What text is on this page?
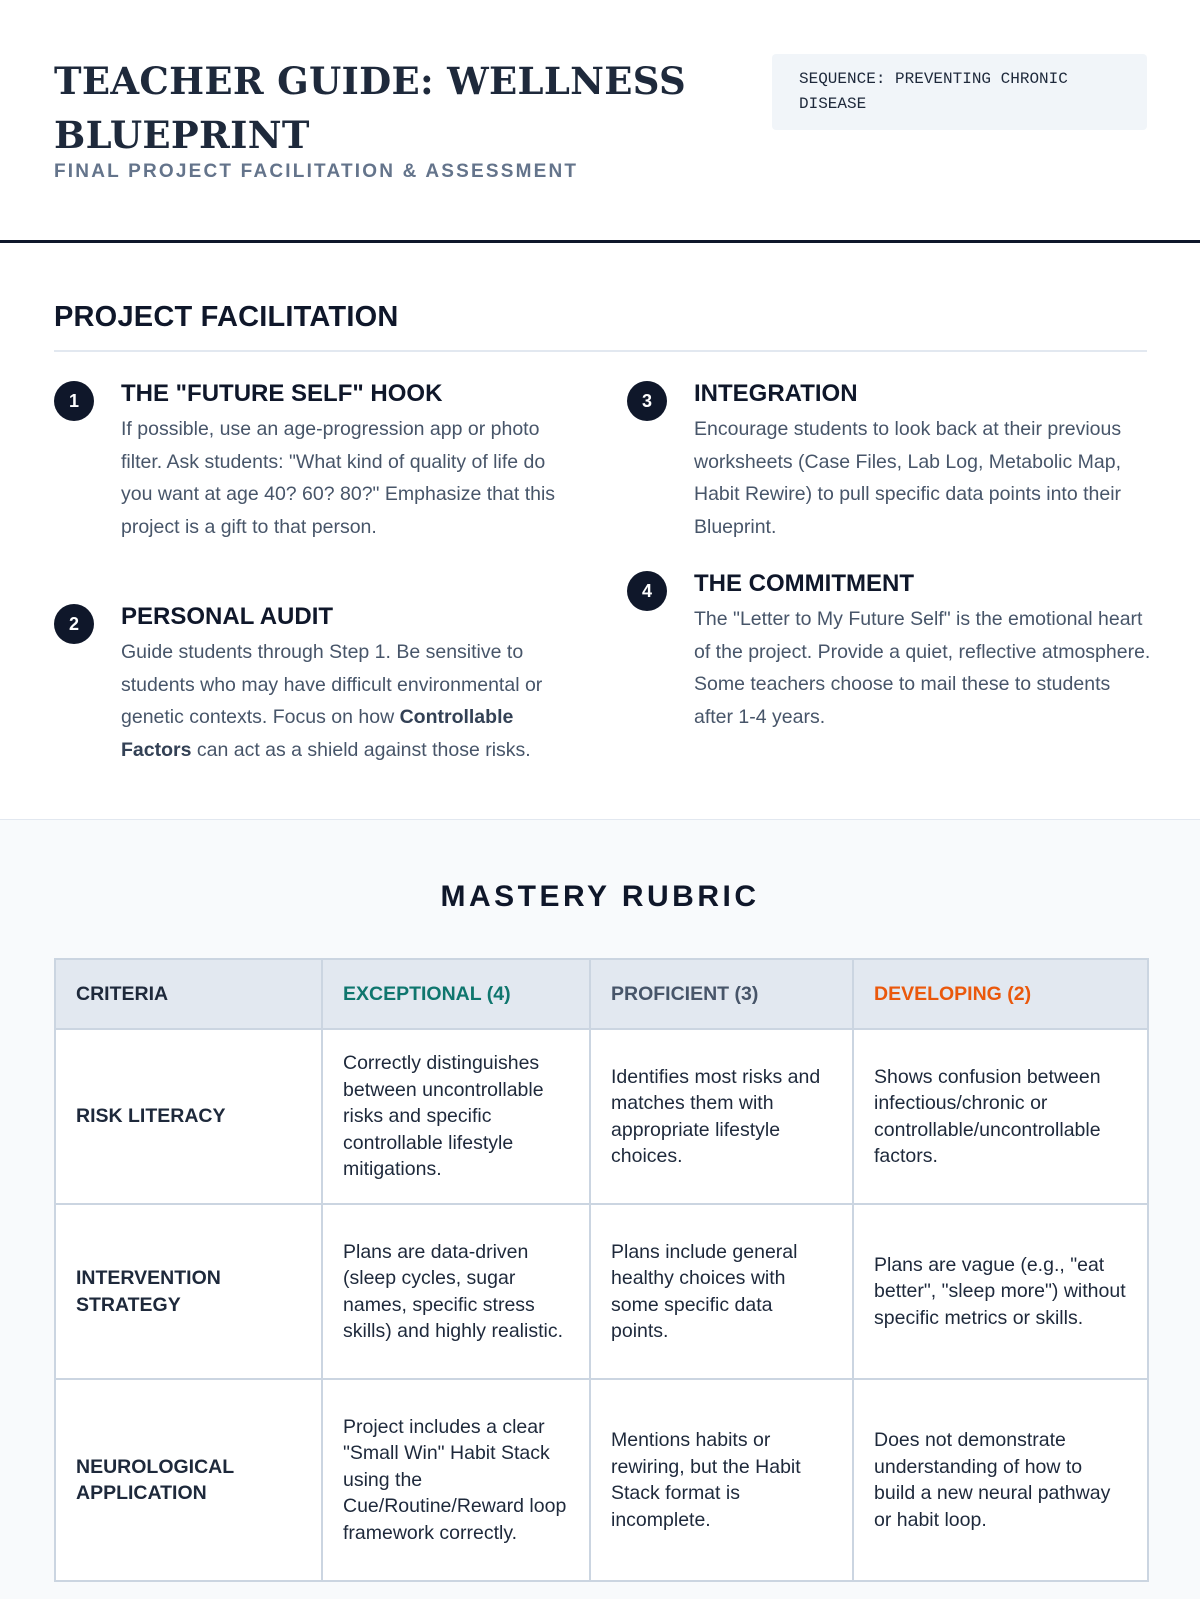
TEACHER GUIDE: WELLNESS BLUEPRINT
FINAL PROJECT FACILITATION & ASSESSMENT
SEQUENCE: PREVENTING CHRONIC DISEASE
PROJECT FACILITATION
1	THE "FUTURE SELF" HOOK
If possible, use an age-progression app or photo filter. Ask students: "What kind of quality of life do you want at age 40? 60? 80?" Emphasize that this project is a gift to that person.
2	PERSONAL AUDIT
Guide students through Step 1. Be sensitive to students who may have difficult environmental or genetic contexts. Focus on how Controllable Factors can act as a shield against those risks.
3	INTEGRATION
Encourage students to look back at their previous worksheets (Case Files, Lab Log, Metabolic Map, Habit Rewire) to pull specific data points into their Blueprint.
4	THE COMMITMENT
The "Letter to My Future Self" is the emotional heart of the project. Provide a quiet, reflective atmosphere. Some teachers choose to mail these to students after 1-4 years.
MASTERY RUBRIC
CRITERIA	EXCEPTIONAL (4)	PROFICIENT (3)	DEVELOPING (2)
RISK LITERACY	Correctly distinguishes between uncontrollable risks and specific controllable lifestyle mitigations.	Identifies most risks and matches them with appropriate lifestyle choices.	Shows confusion between infectious/chronic or controllable/uncontrollable factors.
INTERVENTION STRATEGY	Plans are data-driven (sleep cycles, sugar names, specific stress skills) and highly realistic.	Plans include general healthy choices with some specific data points.	Plans are vague (e.g., "eat better", "sleep more") without specific metrics or skills.
NEUROLOGICAL APPLICATION	Project includes a clear "Small Win" Habit Stack using the Cue/Routine/Reward loop framework correctly.	Mentions habits or rewiring, but the Habit Stack format is incomplete.	Does not demonstrate understanding of how to build a new neural pathway or habit loop.
